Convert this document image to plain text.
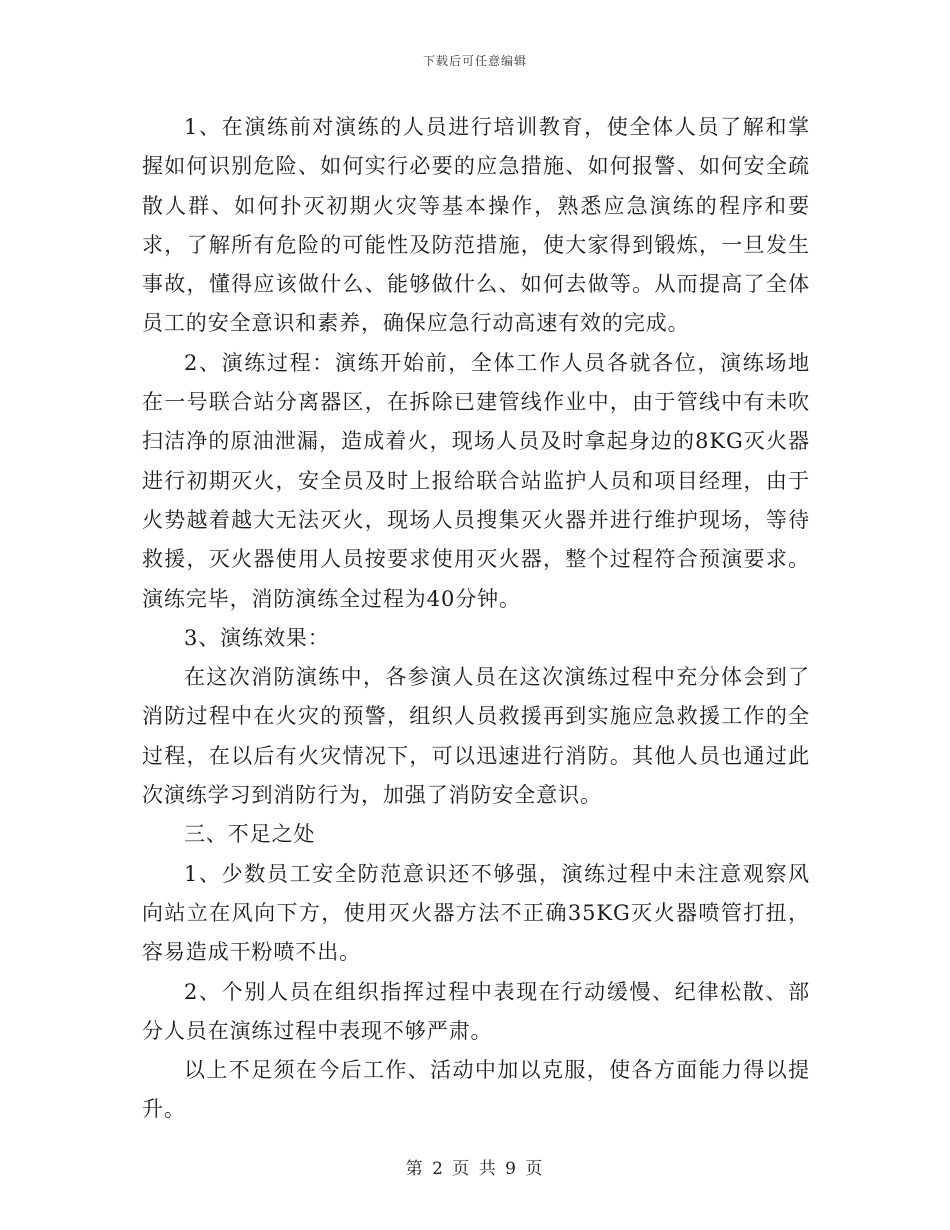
下载后可任意编辑

1、在演练前对演练的人员进行培训教育，使全体人员了解和掌握如何识别危险、如何实行必要的应急措施、如何报警、如何安全疏散人群、如何扑灭初期火灾等基本操作，熟悉应急演练的程序和要求，了解所有危险的可能性及防范措施，使大家得到锻炼，一旦发生事故，懂得应该做什么、能够做什么、如何去做等。从而提高了全体员工的安全意识和素养，确保应急行动高速有效的完成。

2、演练过程：演练开始前，全体工作人员各就各位，演练场地在一号联合站分离器区，在拆除已建管线作业中，由于管线中有未吹扫洁净的原油泄漏，造成着火，现场人员及时拿起身边的8KG灭火器进行初期灭火，安全员及时上报给联合站监护人员和项目经理，由于火势越着越大无法灭火，现场人员搜集灭火器并进行维护现场，等待救援，灭火器使用人员按要求使用灭火器，整个过程符合预演要求。演练完毕，消防演练全过程为40分钟。

3、演练效果：

在这次消防演练中，各参演人员在这次演练过程中充分体会到了消防过程中在火灾的预警，组织人员救援再到实施应急救援工作的全过程，在以后有火灾情况下，可以迅速进行消防。其他人员也通过此次演练学习到消防行为，加强了消防安全意识。

三、不足之处

1、少数员工安全防范意识还不够强，演练过程中未注意观察风向站立在风向下方，使用灭火器方法不正确35KG灭火器喷管打扭，容易造成干粉喷不出。

2、个别人员在组织指挥过程中表现在行动缓慢、纪律松散、部分人员在演练过程中表现不够严肃。

以上不足须在今后工作、活动中加以克服，使各方面能力得以提升。

第 2 页 共 9 页
